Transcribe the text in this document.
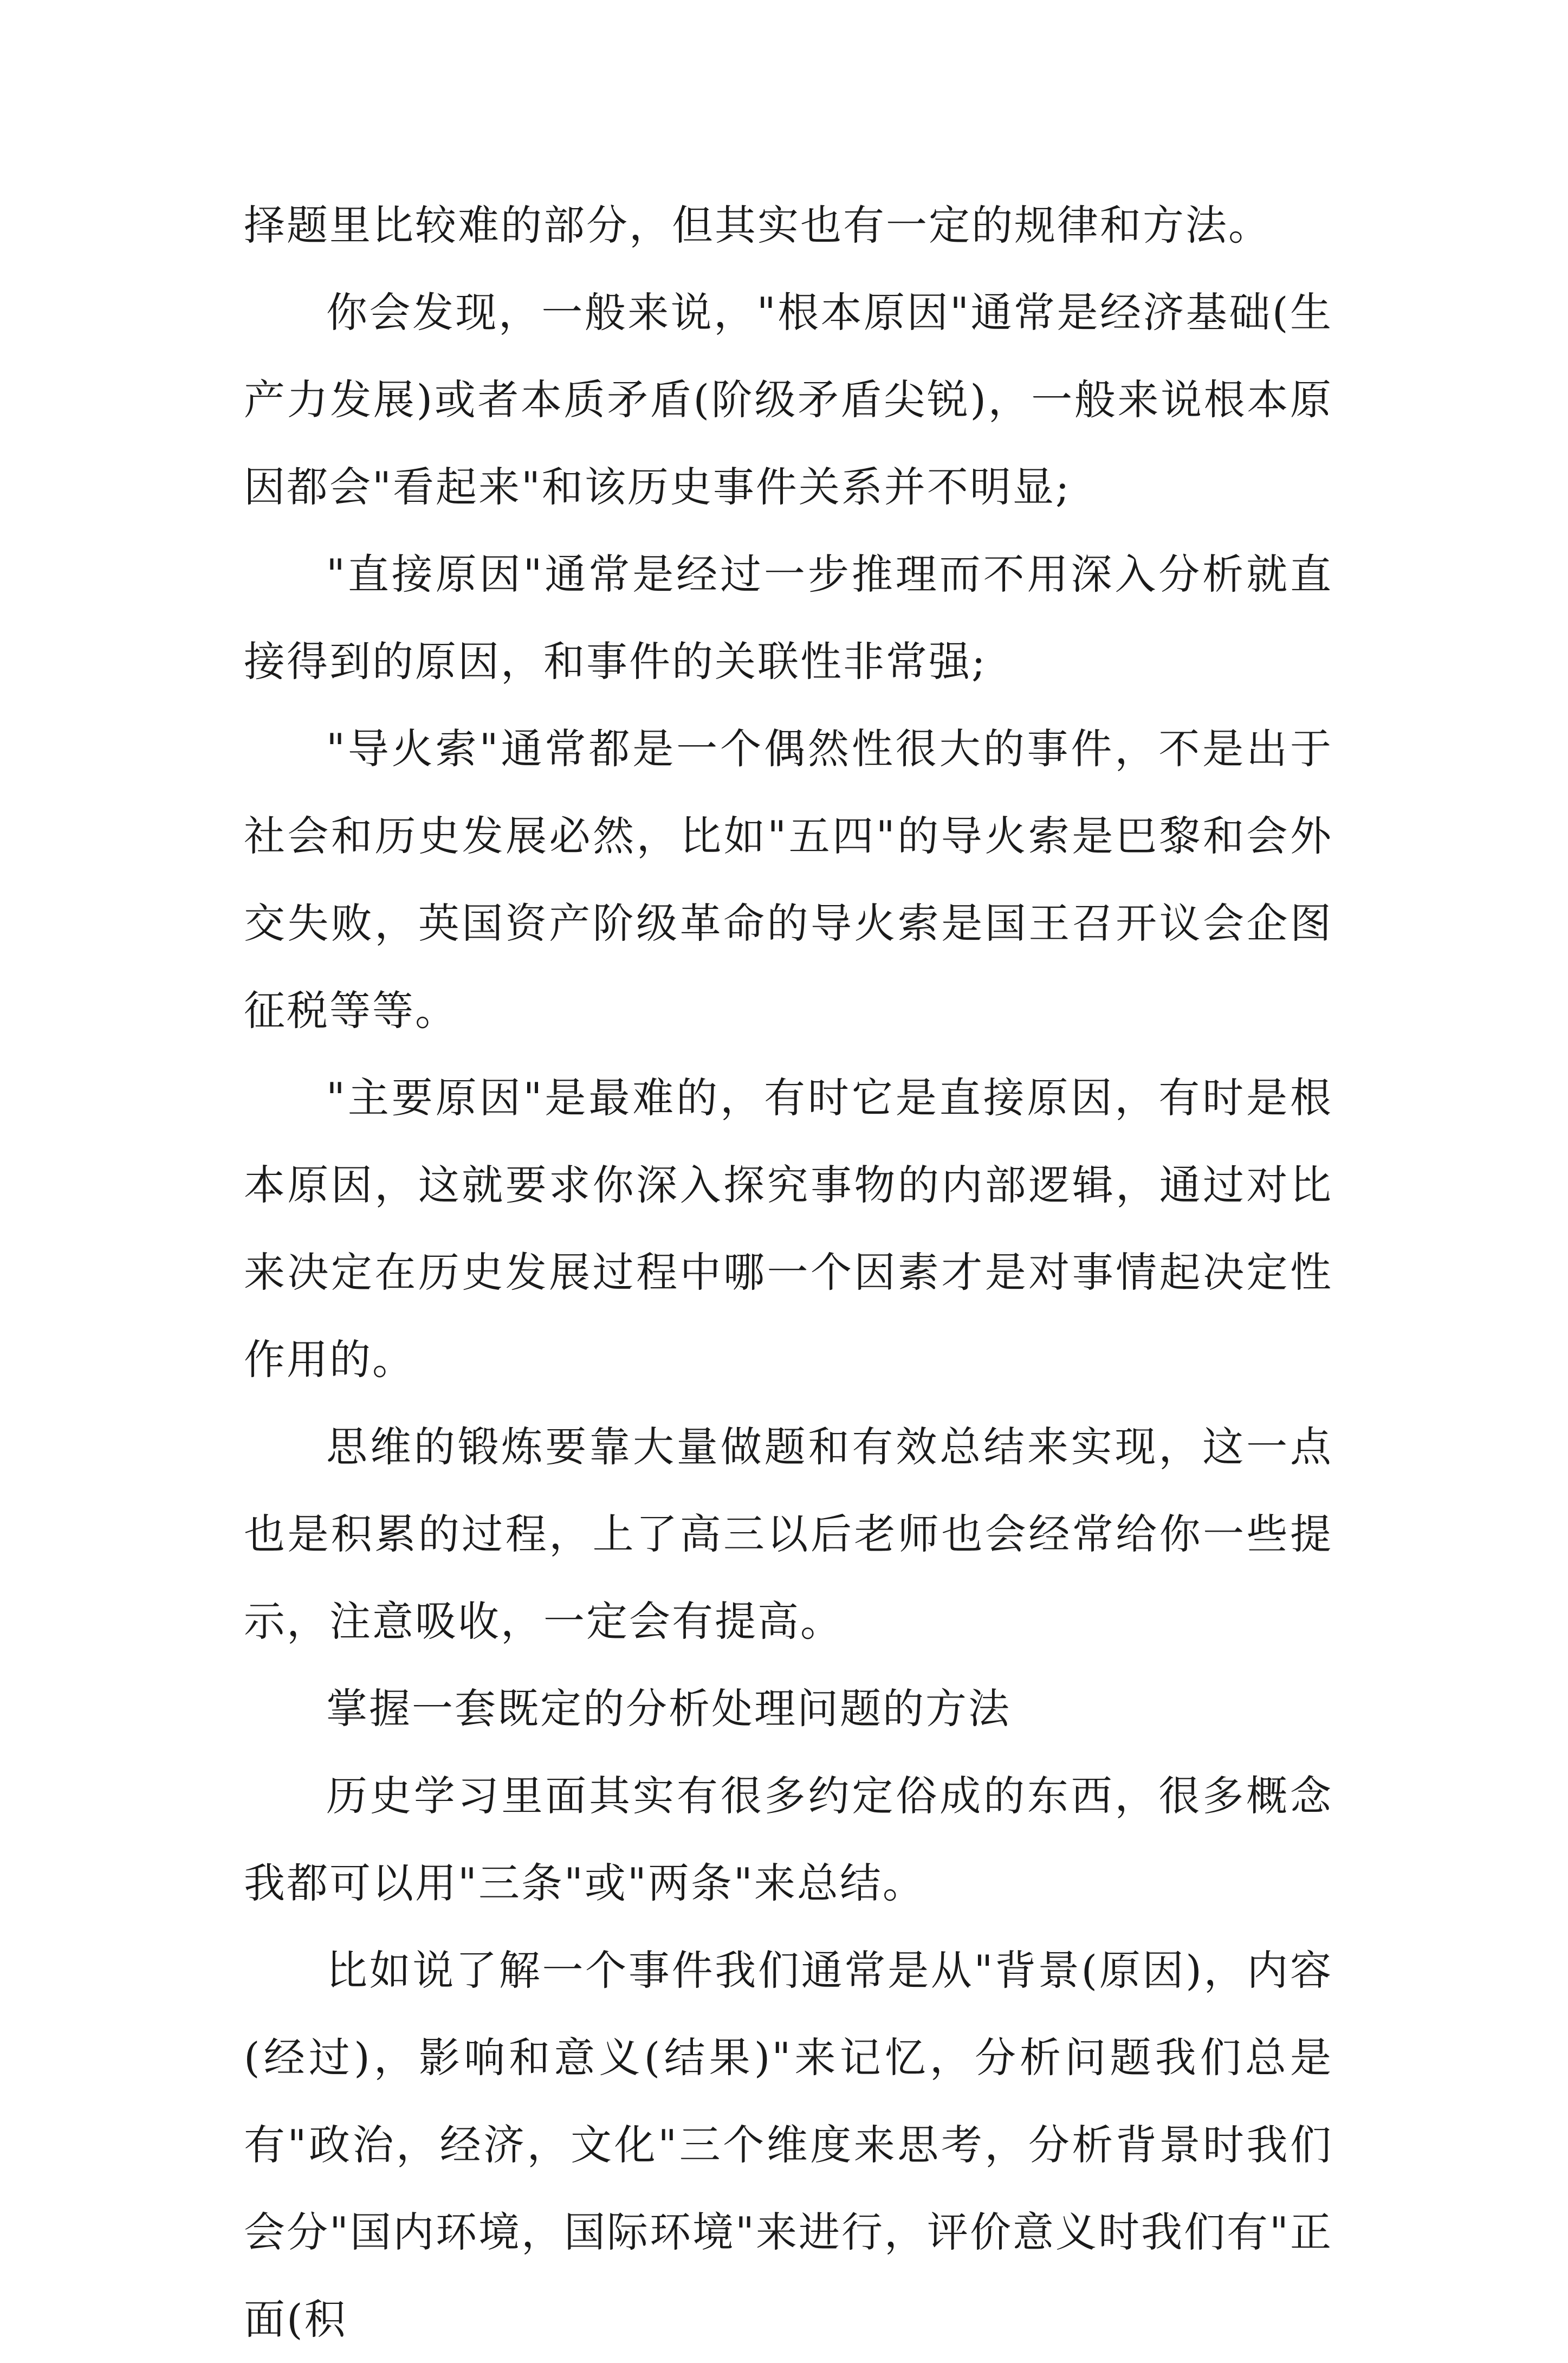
择题里比较难的部分，但其实也有一定的规律和方法。

你会发现，一般来说，"根本原因"通常是经济基础(生产力发展)或者本质矛盾(阶级矛盾尖锐)，一般来说根本原因都会"看起来"和该历史事件关系并不明显;

"直接原因"通常是经过一步推理而不用深入分析就直接得到的原因，和事件的关联性非常强;

"导火索"通常都是一个偶然性很大的事件，不是出于社会和历史发展必然，比如"五四"的导火索是巴黎和会外交失败，英国资产阶级革命的导火索是国王召开议会企图征税等等。

"主要原因"是最难的，有时它是直接原因，有时是根本原因，这就要求你深入探究事物的内部逻辑，通过对比来决定在历史发展过程中哪一个因素才是对事情起决定性作用的。

思维的锻炼要靠大量做题和有效总结来实现，这一点也是积累的过程，上了高三以后老师也会经常给你一些提示，注意吸收，一定会有提高。

掌握一套既定的分析处理问题的方法

历史学习里面其实有很多约定俗成的东西，很多概念我都可以用"三条"或"两条"来总结。

比如说了解一个事件我们通常是从"背景(原因)，内容(经过)，影响和意义(结果)"来记忆，分析问题我们总是有"政治，经济，文化"三个维度来思考，分析背景时我们会分"国内环境，国际环境"来进行，评价意义时我们有"正面(积
